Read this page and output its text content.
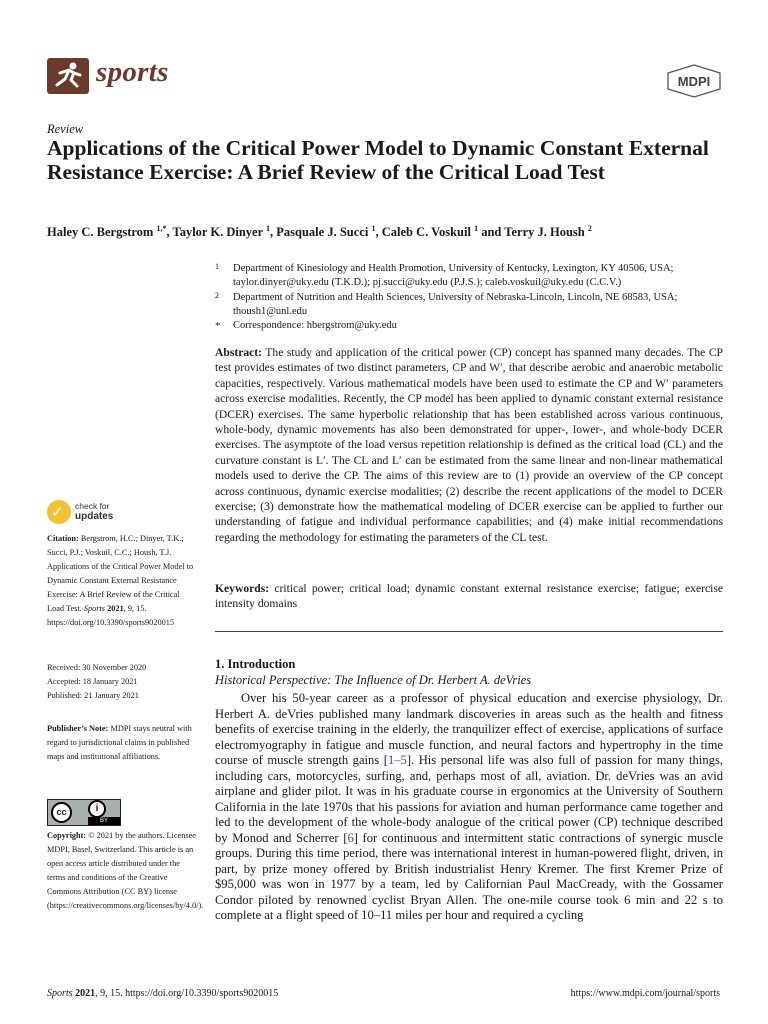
sports	MDPI
Review
Applications of the Critical Power Model to Dynamic Constant External Resistance Exercise: A Brief Review of the Critical Load Test
Haley C. Bergstrom $^{1,*}$, Taylor K. Dinyer $^1$, Pasquale J. Succi $^1$, Caleb C. Voskuil $^1$ and Terry J. Housh $^2$
1 Department of Kinesiology and Health Promotion, University of Kentucky, Lexington, KY 40506, USA;
taylor.dinyer@uky.edu (T.K.D.); pj.succi@uky.edu (P.J.S.); caleb.voskuil@uky.edu (C.C.V.)
2 Department of Nutrition and Health Sciences, University of Nebraska-Lincoln, Lincoln, NE 68583, USA;
thoush1@unl.edu
* Correspondence: hbergstrom@uky.edu

Abstract: The study and application of the critical power (CP) concept has spanned many decades. The CP test provides estimates of two distinct parameters, CP and W′, that describe aerobic and anaerobic metabolic capacities, respectively. Various mathematical models have been used to estimate the CP and W′ parameters across exercise modalities. Recently, the CP model has been applied to dynamic constant external resistance (DCER) exercises. The same hyperbolic relationship that has been established across various continuous, whole-body, dynamic movements has also been demonstrated for upper-, lower-, and whole-body DCER exercises. The asymptote of the load versus repetition relationship is defined as the critical load (CL) and the curvature constant is L′. The CL and L′ can be estimated from the same linear and non-linear mathematical models used to derive the CP. The aims of this review are to (1) provide an overview of the CP concept across continuous, dynamic exercise modalities; (2) describe the recent applications of the model to DCER exercise; (3) demonstrate how the mathematical modeling of DCER exercise can be applied to further our understanding of fatigue and individual performance capabilities; and (4) make initial recommendations regarding the methodology for estimating the parameters of the CL test.

Keywords: critical power; critical load; dynamic constant external resistance exercise; fatigue; exercise intensity domains

✓ check for
updates
Citation: Bergstrom, H.C.; Dinyer, T.K.; Succi, P.J.; Voskuil, C.C.; Housh, T.J. Applications of the Critical Power Model to Dynamic Constant External Resistance Exercise: A Brief Review of the Critical Load Test. Sports 2021, 9, 15. https://doi.org/10.3390/sports9020015
Received: 30 November 2020
Accepted: 18 January 2021
Published: 21 January 2021
Publisher’s Note: MDPI stays neutral with regard to jurisdictional claims in published maps and institutional affiliations.
cc	i
BY
Copyright: © 2021 by the authors. Licensee MDPI, Basel, Switzerland. This article is an open access article distributed under the terms and conditions of the Creative Commons Attribution (CC BY) license (https://creativecommons.org/licenses/by/4.0/).
1. Introduction
Historical Perspective: The Influence of Dr. Herbert A. deVries

Over his 50-year career as a professor of physical education and exercise physiology, Dr. Herbert A. deVries published many landmark discoveries in areas such as the health and fitness benefits of exercise training in the elderly, the tranquilizer effect of exercise, applications of surface electromyography in fatigue and muscle function, and neural factors and hypertrophy in the time course of muscle strength gains [1–5]. His personal life was also full of passion for many things, including cars, motorcycles, surfing, and, perhaps most of all, aviation. Dr. deVries was an avid airplane and glider pilot. It was in his graduate course in ergonomics at the University of Southern California in the late 1970s that his passions for aviation and human performance came together and led to the development of the whole-body analogue of the critical power (CP) technique described by Monod and Scherrer [6] for continuous and intermittent static contractions of synergic muscle groups. During this time period, there was international interest in human-powered flight, driven, in part, by prize money offered by British industrialist Henry Kremer. The first Kremer Prize of $95,000 was won in 1977 by a team, led by Californian Paul MacCready, with the Gossamer Condor piloted by renowned cyclist Bryan Allen. The one-mile course took 6 min and 22 s to complete at a flight speed of 10–11 miles per hour and required a cycling

Sports 2021, 9, 15. https://doi.org/10.3390/sports9020015	https://www.mdpi.com/journal/sports
